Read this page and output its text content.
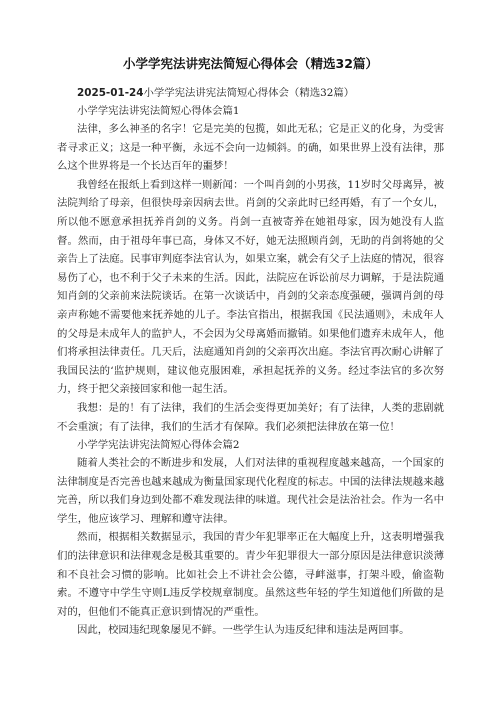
小学学宪法讲宪法简短心得体会（精选32篇）
2025-01-24小学学宪法讲宪法简短心得体会（精选32篇）
小学学宪法讲宪法简短心得体会篇1

法律，多么神圣的名字！它是完美的包揽，如此无私；它是正义的化身，为受害者寻求正义；这是一种平衡，永远不会向一边倾斜。的确，如果世界上没有法律，那么这个世界将是一个长达百年的噩梦！

我曾经在报纸上看到这样一则新闻：一个叫肖剑的小男孩，11岁时父母离异，被法院判给了母亲，但很快母亲因病去世。肖剑的父亲此时已经再婚，有了一个女儿，所以他不愿意承担抚养肖剑的义务。肖剑一直被寄养在她祖母家，因为她没有人监督。然而，由于祖母年事已高，身体又不好，她无法照顾肖剑，无助的肖剑将她的父亲告上了法庭。民事审判庭李法官认为，如果立案，就会有父子上法庭的情况，很容易伤了心，也不利于父子未来的生活。因此，法院应在诉讼前尽力调解，于是法院通知肖剑的父亲前来法院谈话。在第一次谈话中，肖剑的父亲态度强硬，强调肖剑的母亲声称她不需要他来抚养她的儿子。李法官指出，根据我国《民法通则》，未成年人的父母是未成年人的监护人，不会因为父母离婚而撤销。如果他们遗弃未成年人，他们将承担法律责任。几天后，法庭通知肖剑的父亲再次出庭。李法官再次耐心讲解了我国民法的‘监护规则，建议他克服困难，承担起抚养的义务。经过李法官的多次努力，终于把父亲接回家和他一起生活。

我想：是的！有了法律，我们的生活会变得更加美好；有了法律，人类的悲剧就不会重演；有了法律，我们的生活才有保障。我们必须把法律放在第一位！

小学学宪法讲宪法简短心得体会篇2

随着人类社会的不断进步和发展，人们对法律的重视程度越来越高，一个国家的法律制度是否完善也越来越成为衡量国家现代化程度的标志。中国的法律法规越来越完善，所以我们身边到处都不难发现法律的味道。现代社会是法治社会。作为一名中学生，他应该学习、理解和遵守法律。

然而，根据相关数据显示，我国的青少年犯罪率正在大幅度上升，这表明增强我们的法律意识和法律观念是极其重要的。青少年犯罪很大一部分原因是法律意识淡薄和不良社会习惯的影响。比如社会上不讲社会公德，寻衅滋事，打架斗殴，偷盗勒索。不遵守中学生守则L违反学校规章制度。虽然这些年轻的学生知道他们所做的是对的，但他们不能真正意识到情况的严重性。

因此，校园违纪现象屡见不鲜。一些学生认为违反纪律和违法是两回事。
